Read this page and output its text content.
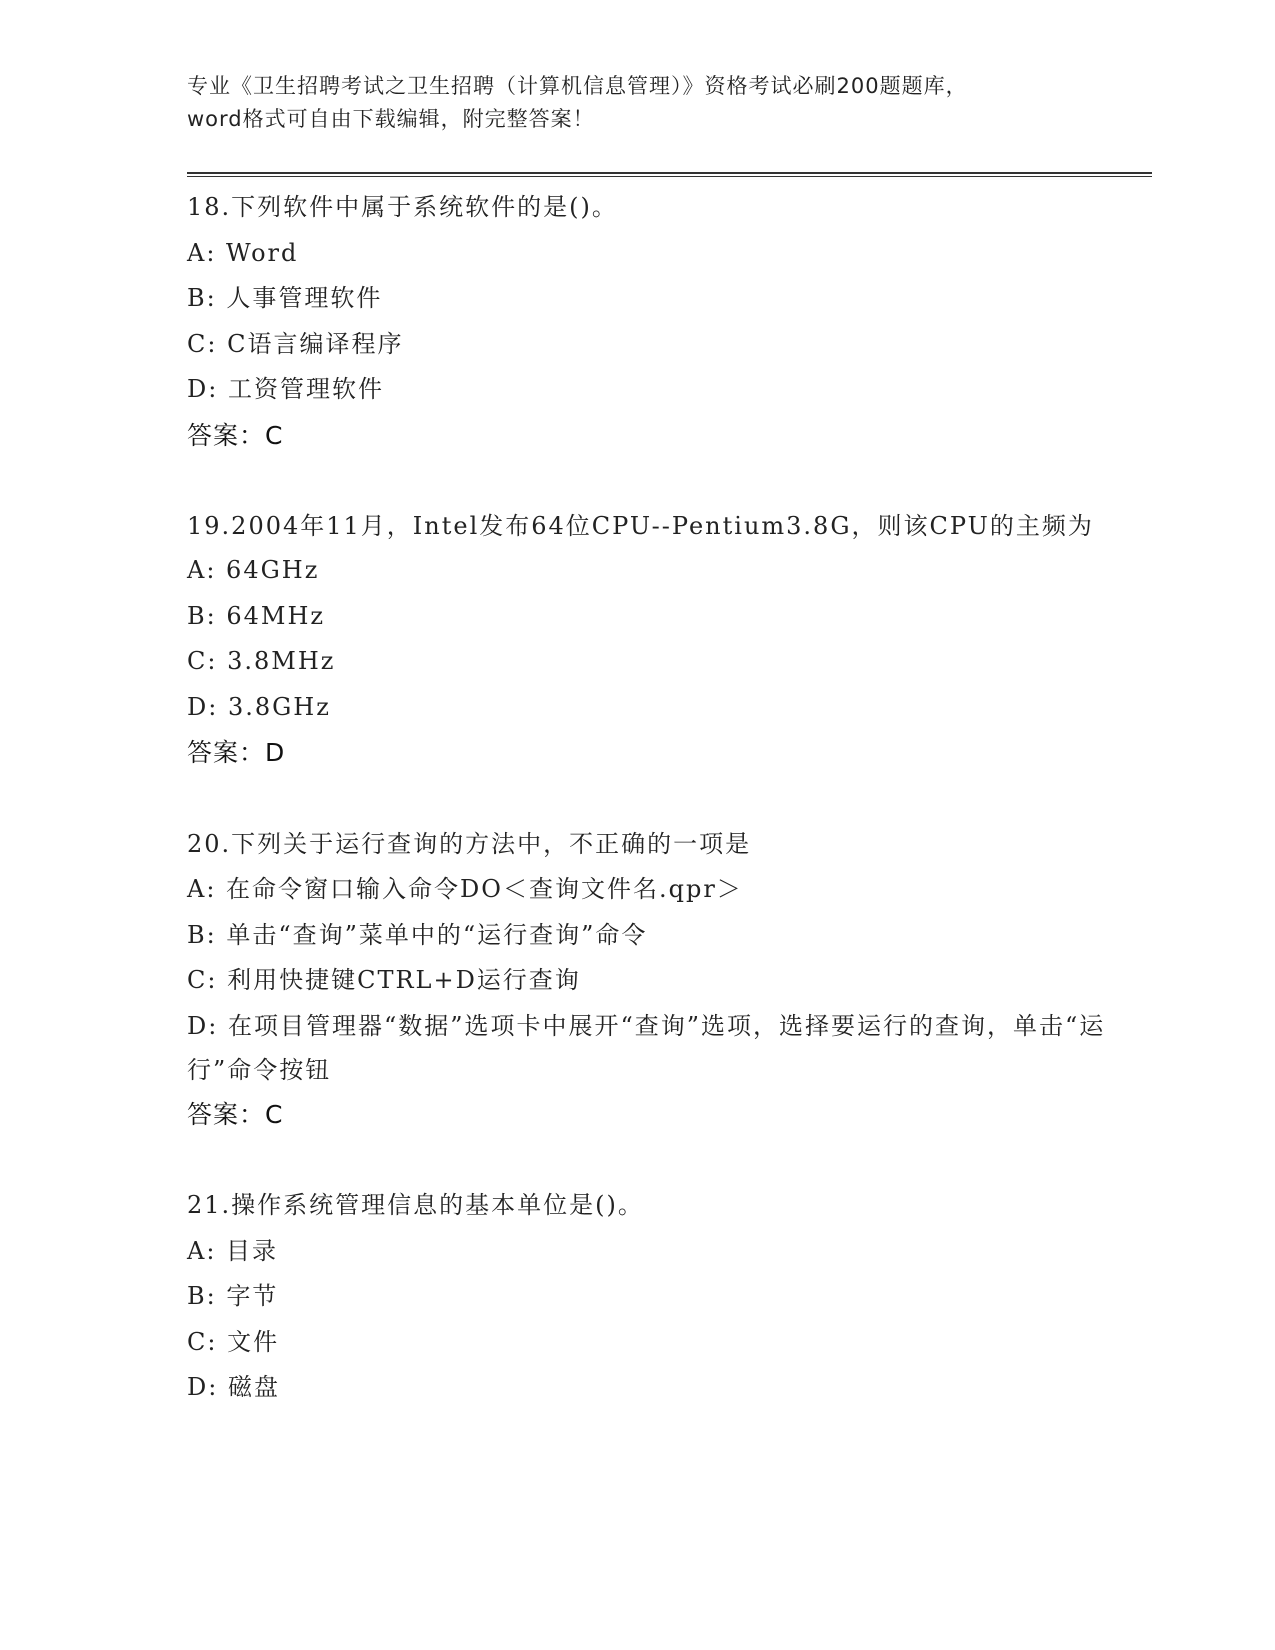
专业《卫生招聘考试之卫生招聘（计算机信息管理）》资格考试必刷200题题库，
word格式可自由下载编辑，附完整答案！
18.下列软件中属于系统软件的是()。
A: Word
B: 人事管理软件
C: C语言编译程序
D: 工资管理软件
答案：C
19.2004年11月，Intel发布64位CPU--Pentium3.8G，则该CPU的主频为
A: 64GHz
B: 64MHz
C: 3.8MHz
D: 3.8GHz
答案：D
20.下列关于运行查询的方法中，不正确的一项是
A: 在命令窗口输入命令DO＜查询文件名.qpr＞
B: 单击“查询”菜单中的“运行查询”命令
C: 利用快捷键CTRL+D运行查询
D: 在项目管理器“数据”选项卡中展开“查询”选项，选择要运行的查询，单击“运行”命令按钮
答案：C
21.操作系统管理信息的基本单位是()。
A: 目录
B: 字节
C: 文件
D: 磁盘
